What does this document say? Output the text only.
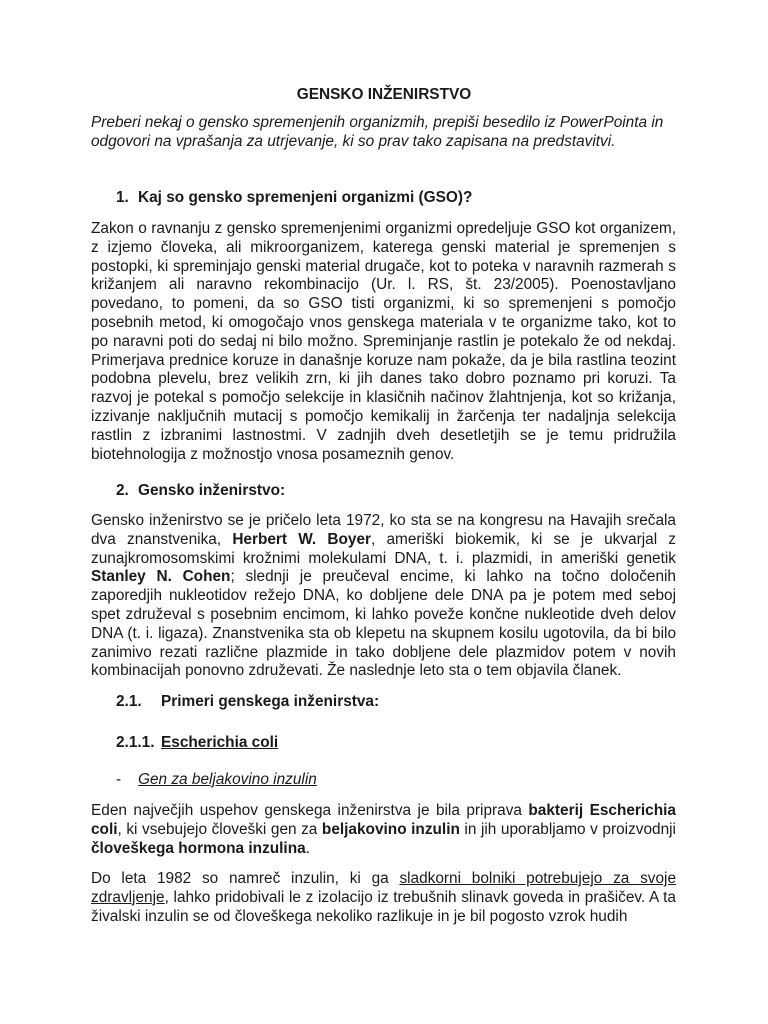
GENSKO INŽENIRSTVO
Preberi nekaj o gensko spremenjenih organizmih, prepiši besedilo iz PowerPointa in odgovori na vprašanja za utrjevanje, ki so prav tako zapisana na predstavitvi.
1. Kaj so gensko spremenjeni organizmi (GSO)?
Zakon o ravnanju z gensko spremenjenimi organizmi opredeljuje GSO kot organizem, z izjemo človeka, ali mikroorganizem, katerega genski material je spremenjen s postopki, ki spreminjajo genski material drugače, kot to poteka v naravnih razmerah s križanjem ali naravno rekombinacijo (Ur. l. RS, št. 23/2005). Poenostavljano povedano, to pomeni, da so GSO tisti organizmi, ki so spremenjeni s pomočjo posebnih metod, ki omogočajo vnos genskega materiala v te organizme tako, kot to po naravni poti do sedaj ni bilo možno. Spreminjanje rastlin je potekalo že od nekdaj. Primerjava prednice koruze in današnje koruze nam pokaže, da je bila rastlina teozint podobna plevelu, brez velikih zrn, ki jih danes tako dobro poznamo pri koruzi. Ta razvoj je potekal s pomočjo selekcije in klasičnih načinov žlahtnjenja, kot so križanja, izzivanje naključnih mutacij s pomočjo kemikalij in žarčenja ter nadaljnja selekcija rastlin z izbranimi lastnostmi. V zadnjih dveh desetletjih se je temu pridružila biotehnologija z možnostjo vnosa posameznih genov.
2. Gensko inženirstvo:
Gensko inženirstvo se je pričelo leta 1972, ko sta se na kongresu na Havajih srečala dva znanstvenika, Herbert W. Boyer, ameriški biokemik, ki se je ukvarjal z zunajkromosomskimi krožnimi molekulami DNA, t. i. plazmidi, in ameriški genetik Stanley N. Cohen; slednji je preučeval encime, ki lahko na točno določenih zaporedjih nukleotidov režejo DNA, ko dobljene dele DNA pa je potem med seboj spet združeval s posebnim encimom, ki lahko poveže končne nukleotide dveh delov DNA (t. i. ligaza). Znanstvenika sta ob klepetu na skupnem kosilu ugotovila, da bi bilo zanimivo rezati različne plazmide in tako dobljene dele plazmidov potem v novih kombinacijah ponovno združevati. Že naslednje leto sta o tem objavila članek.
2.1. Primeri genskega inženirstva:
2.1.1. Escherichia coli
- Gen za beljakovino inzulin
Eden največjih uspehov genskega inženirstva je bila priprava bakterij Escherichia coli, ki vsebujejo človeški gen za beljakovino inzulin in jih uporabljamo v proizvodnji človeškega hormona inzulina.
Do leta 1982 so namreč inzulin, ki ga sladkorni bolniki potrebujejo za svoje zdravljenje, lahko pridobivali le z izolacijo iz trebušnih slinavk goveda in prašičev. A ta živalski inzulin se od človeškega nekoliko razlikuje in je bil pogosto vzrok hudih
